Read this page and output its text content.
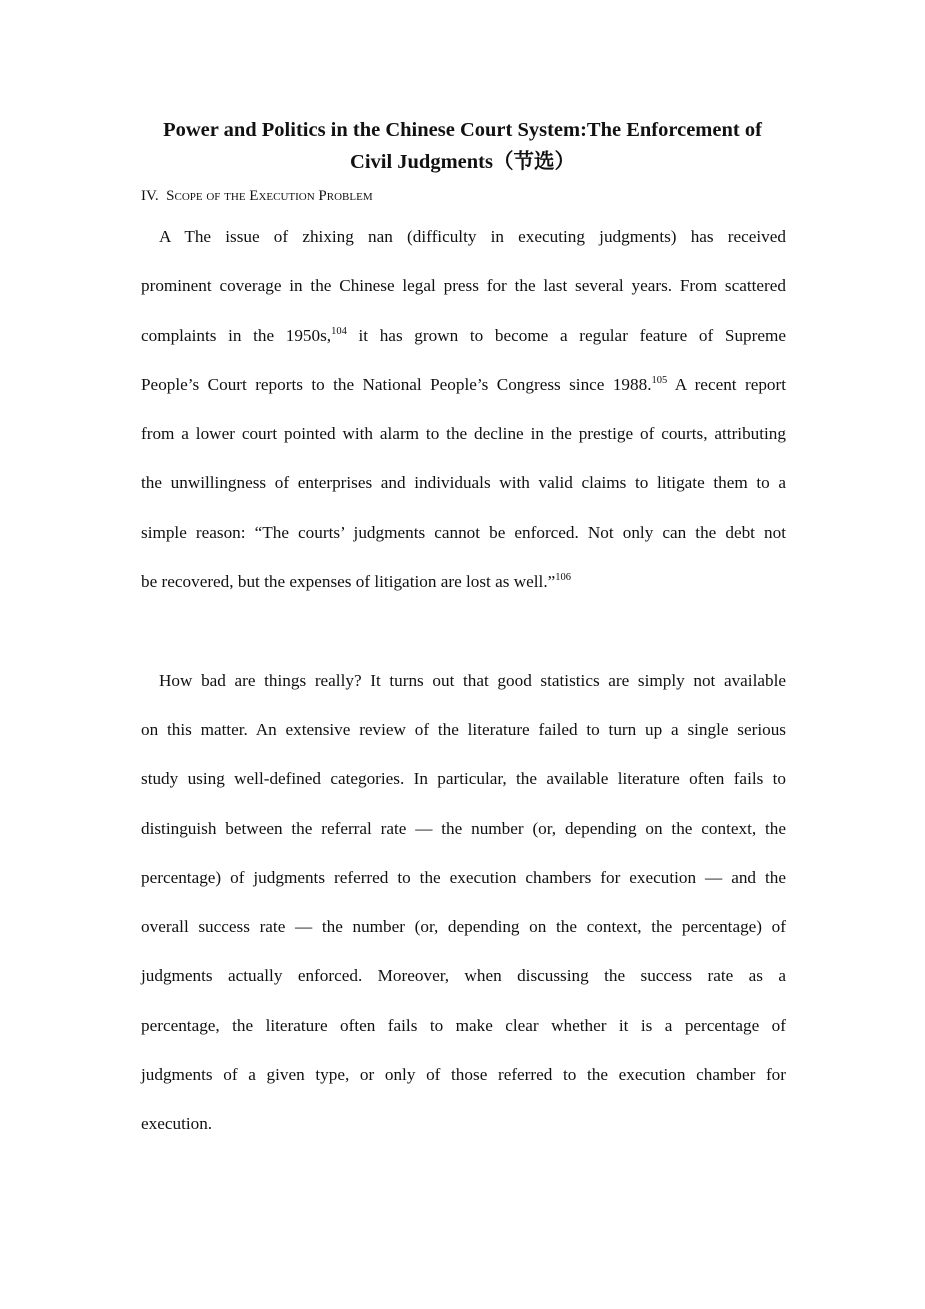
Power and Politics in the Chinese Court System:The Enforcement of
Civil Judgments（节选）
IV. Scope of the Execution Problem
A The issue of zhixing nan (difficulty in executing judgments) has received
prominent coverage in the Chinese legal press for the last several years. From scattered
complaints in the 1950s,$^{104}$ it has grown to become a regular feature of Supreme
People’s Court reports to the National People’s Congress since 1988.$^{105}$ A recent report
from a lower court pointed with alarm to the decline in the prestige of courts, attributing
the unwillingness of enterprises and individuals with valid claims to litigate them to a
simple reason: “The courts’ judgments cannot be enforced. Not only can the debt not
be recovered, but the expenses of litigation are lost as well.”$^{106}$
How bad are things really? It turns out that good statistics are simply not available
on this matter. An extensive review of the literature failed to turn up a single serious
study using well-defined categories. In particular, the available literature often fails to
distinguish between the referral rate — the number (or, depending on the context, the
percentage) of judgments referred to the execution chambers for execution — and the
overall success rate — the number (or, depending on the context, the percentage) of
judgments actually enforced. Moreover, when discussing the success rate as a
percentage, the literature often fails to make clear whether it is a percentage of
judgments of a given type, or only of those referred to the execution chamber for
execution.
